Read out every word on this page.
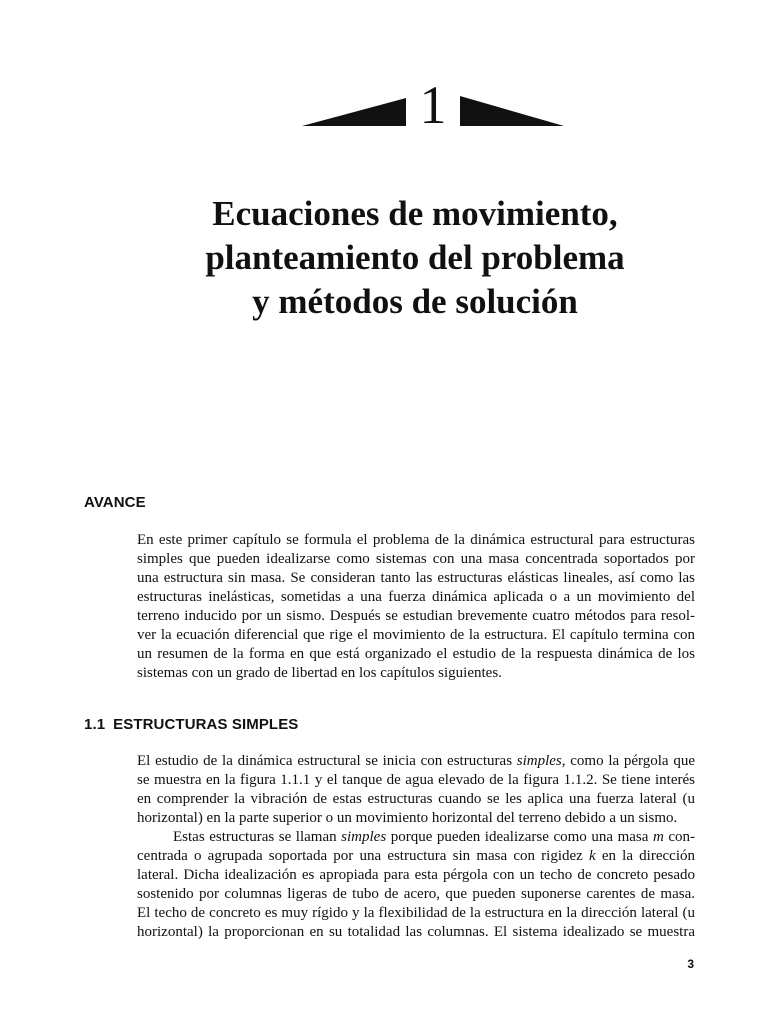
1
Ecuaciones de movimiento,
planteamiento del problema
y métodos de solución
AVANCE
En este primer capítulo se formula el problema de la dinámica estructural para estructuras
simples que pueden idealizarse como sistemas con una masa concentrada soportados por
una estructura sin masa. Se consideran tanto las estructuras elásticas lineales, así como las
estructuras inelásticas, sometidas a una fuerza dinámica aplicada o a un movimiento del
terreno inducido por un sismo. Después se estudian brevemente cuatro métodos para resol-
ver la ecuación diferencial que rige el movimiento de la estructura. El capítulo termina con
un resumen de la forma en que está organizado el estudio de la respuesta dinámica de los
sistemas con un grado de libertad en los capítulos siguientes.
1.1 ESTRUCTURAS SIMPLES
El estudio de la dinámica estructural se inicia con estructuras simples, como la pérgola que
se muestra en la figura 1.1.1 y el tanque de agua elevado de la figura 1.1.2. Se tiene interés
en comprender la vibración de estas estructuras cuando se les aplica una fuerza lateral (u
horizontal) en la parte superior o un movimiento horizontal del terreno debido a un sismo.
Estas estructuras se llaman simples porque pueden idealizarse como una masa m con-
centrada o agrupada soportada por una estructura sin masa con rigidez k en la dirección
lateral. Dicha idealización es apropiada para esta pérgola con un techo de concreto pesado
sostenido por columnas ligeras de tubo de acero, que pueden suponerse carentes de masa.
El techo de concreto es muy rígido y la flexibilidad de la estructura en la dirección lateral (u
horizontal) la proporcionan en su totalidad las columnas. El sistema idealizado se muestra
3
